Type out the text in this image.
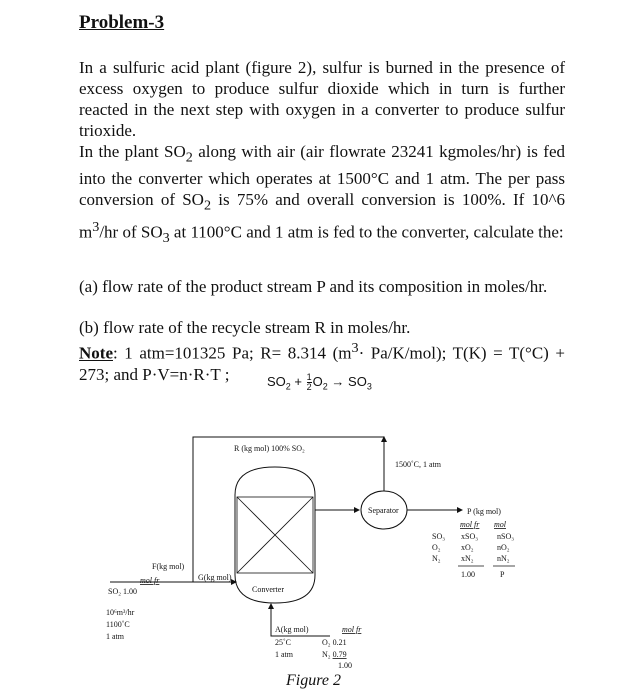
Problem-3
In a sulfuric acid plant (figure 2), sulfur is burned in the presence of excess oxygen to produce sulfur dioxide which in turn is further reacted in the next step with oxygen in a converter to produce sulfur trioxide.
In the plant $SO_2$ along with air (air flowrate 23241 kgmoles/hr) is fed into the converter which operates at 1500°C and 1 atm. The per pass conversion of $SO_2$ is 75% and overall conversion is 100%. If 10^6 $m^3/hr$ of $SO_3$ at 1100°C and 1 atm is fed to the converter, calculate the:
(a) flow rate of the product stream P and its composition in moles/hr.
(b) flow rate of the recycle stream R in moles/hr.
Note: 1 atm=101325 Pa; R= 8.314 $(m^3\cdot Pa/K/mol)$; T(K) = T(°C) + 273; and P·V=n·R·T ;	$SO_2 + \frac{1}{2} O_2 \to SO_3$
Converter
Separator
1500˚C, 1 atm
R (kg mol) 100% SO₂
F(kg mol)
mol fr
SO₂ 1.00
G(kg mol)
10⁶m³/hr
1100˚C
1 atm
A(kg mol)
25˚C
1 atm
mol fr
O₂ 0.21
N₂ 0.79
1.00
P (kg mol)
mol fr mol
SO₃ xSO₃ nSO₃
O₂	xO₂	nO₂
N₂	xN₂	nN₂
1.00	P
Figure 2
